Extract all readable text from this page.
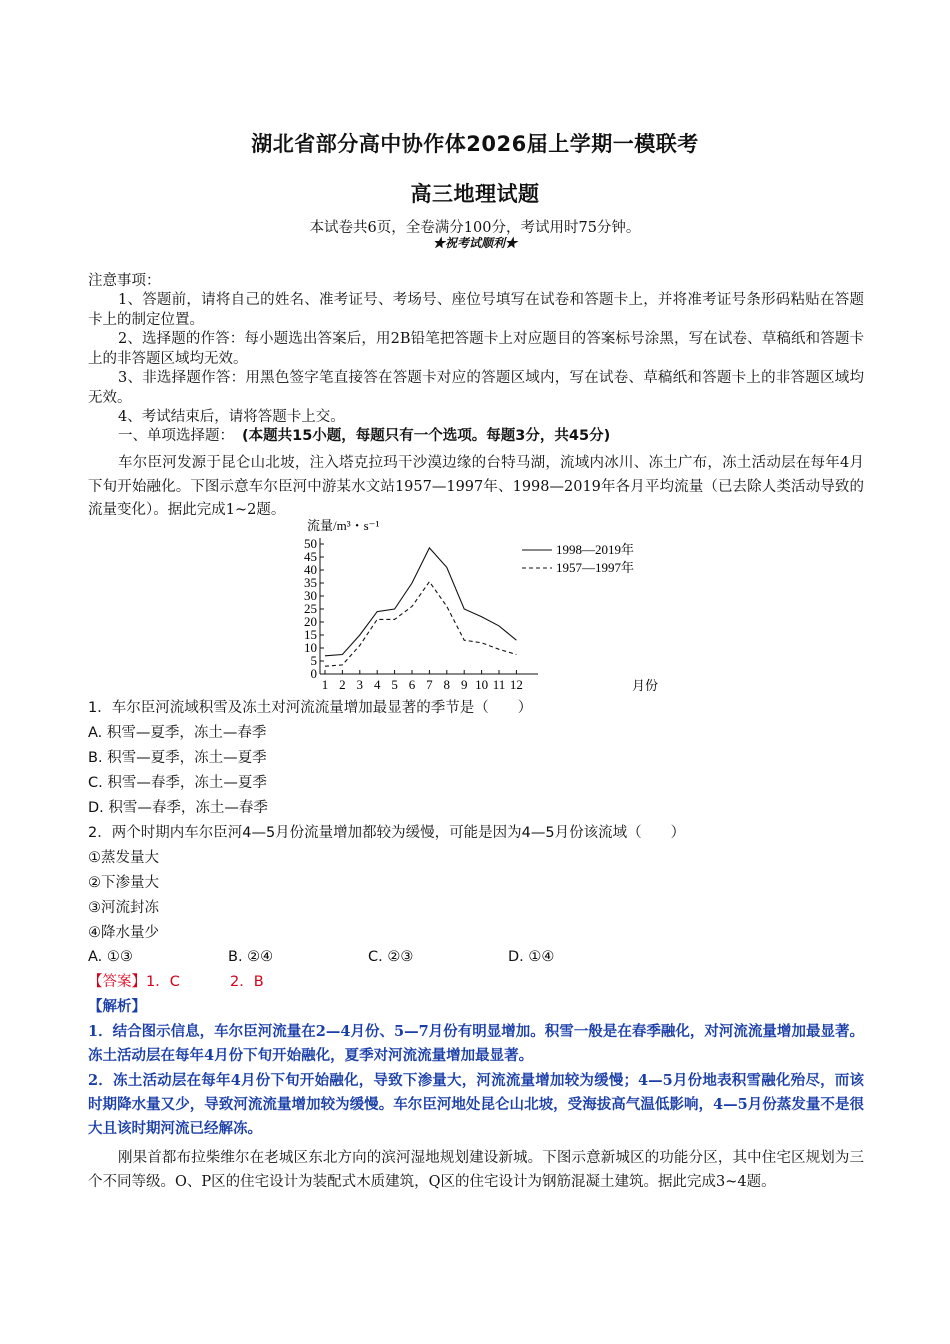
湖北省部分高中协作体2026届上学期一模联考
高三地理试题
本试卷共6页，全卷满分100分，考试用时75分钟。
★祝考试顺利★
注意事项：
1、答题前，请将自己的姓名、准考证号、考场号、座位号填写在试卷和答题卡上，并将准考证号条形码粘贴在答题卡上的制定位置。
2、选择题的作答：每小题选出答案后，用2B铅笔把答题卡上对应题目的答案标号涂黑，写在试卷、草稿纸和答题卡上的非答题区域均无效。
3、非选择题作答：用黑色签字笔直接答在答题卡对应的答题区域内，写在试卷、草稿纸和答题卡上的非答题区域均无效。
4、考试结束后，请将答题卡上交。
一、单项选择题： (本题共15小题，每题只有一个选项。每题3分，共45分)
车尔臣河发源于昆仑山北坡，注入塔克拉玛干沙漠边缘的台特马湖，流域内冰川、冻土广布，冻土活动层在每年4月下旬开始融化。下图示意车尔臣河中游某水文站1957—1997年、1998—2019年各月平均流量（已去除人类活动导致的流量变化）。据此完成1~2题。
流量/m³・s⁻¹
0
5
10
15
20
25
30
35
40
45
50
1 2 3 4 5 6 7 8 9 10 11 12
1998—2019年
1957—1997年
月份
1．车尔臣河流域积雪及冻土对河流流量增加最显著的季节是（　　）
A. 积雪—夏季，冻土—春季
B. 积雪—夏季，冻土—夏季
C. 积雪—春季，冻土—夏季
D. 积雪—春季，冻土—春季
2．两个时期内车尔臣河4—5月份流量增加都较为缓慢，可能是因为4—5月份该流域（　　）
①蒸发量大
②下渗量大
③河流封冻
④降水量少
A. ①③	B. ②④	C. ②③	D. ①④
【答案】1．C	2．B
【解析】
1．结合图示信息，车尔臣河流量在2—4月份、5—7月份有明显增加。积雪一般是在春季融化，对河流流量增加最显著。冻土活动层在每年4月份下旬开始融化，夏季对河流流量增加最显著。
2．冻土活动层在每年4月份下旬开始融化，导致下渗量大，河流流量增加较为缓慢；4—5月份地表积雪融化殆尽，而该时期降水量又少，导致河流流量增加较为缓慢。车尔臣河地处昆仑山北坡，受海拔高气温低影响，4—5月份蒸发量不是很大且该时期河流已经解冻。
刚果首都布拉柴维尔在老城区东北方向的滨河湿地规划建设新城。下图示意新城区的功能分区，其中住宅区规划为三个不同等级。O、P区的住宅设计为装配式木质建筑，Q区的住宅设计为钢筋混凝土建筑。据此完成3~4题。
